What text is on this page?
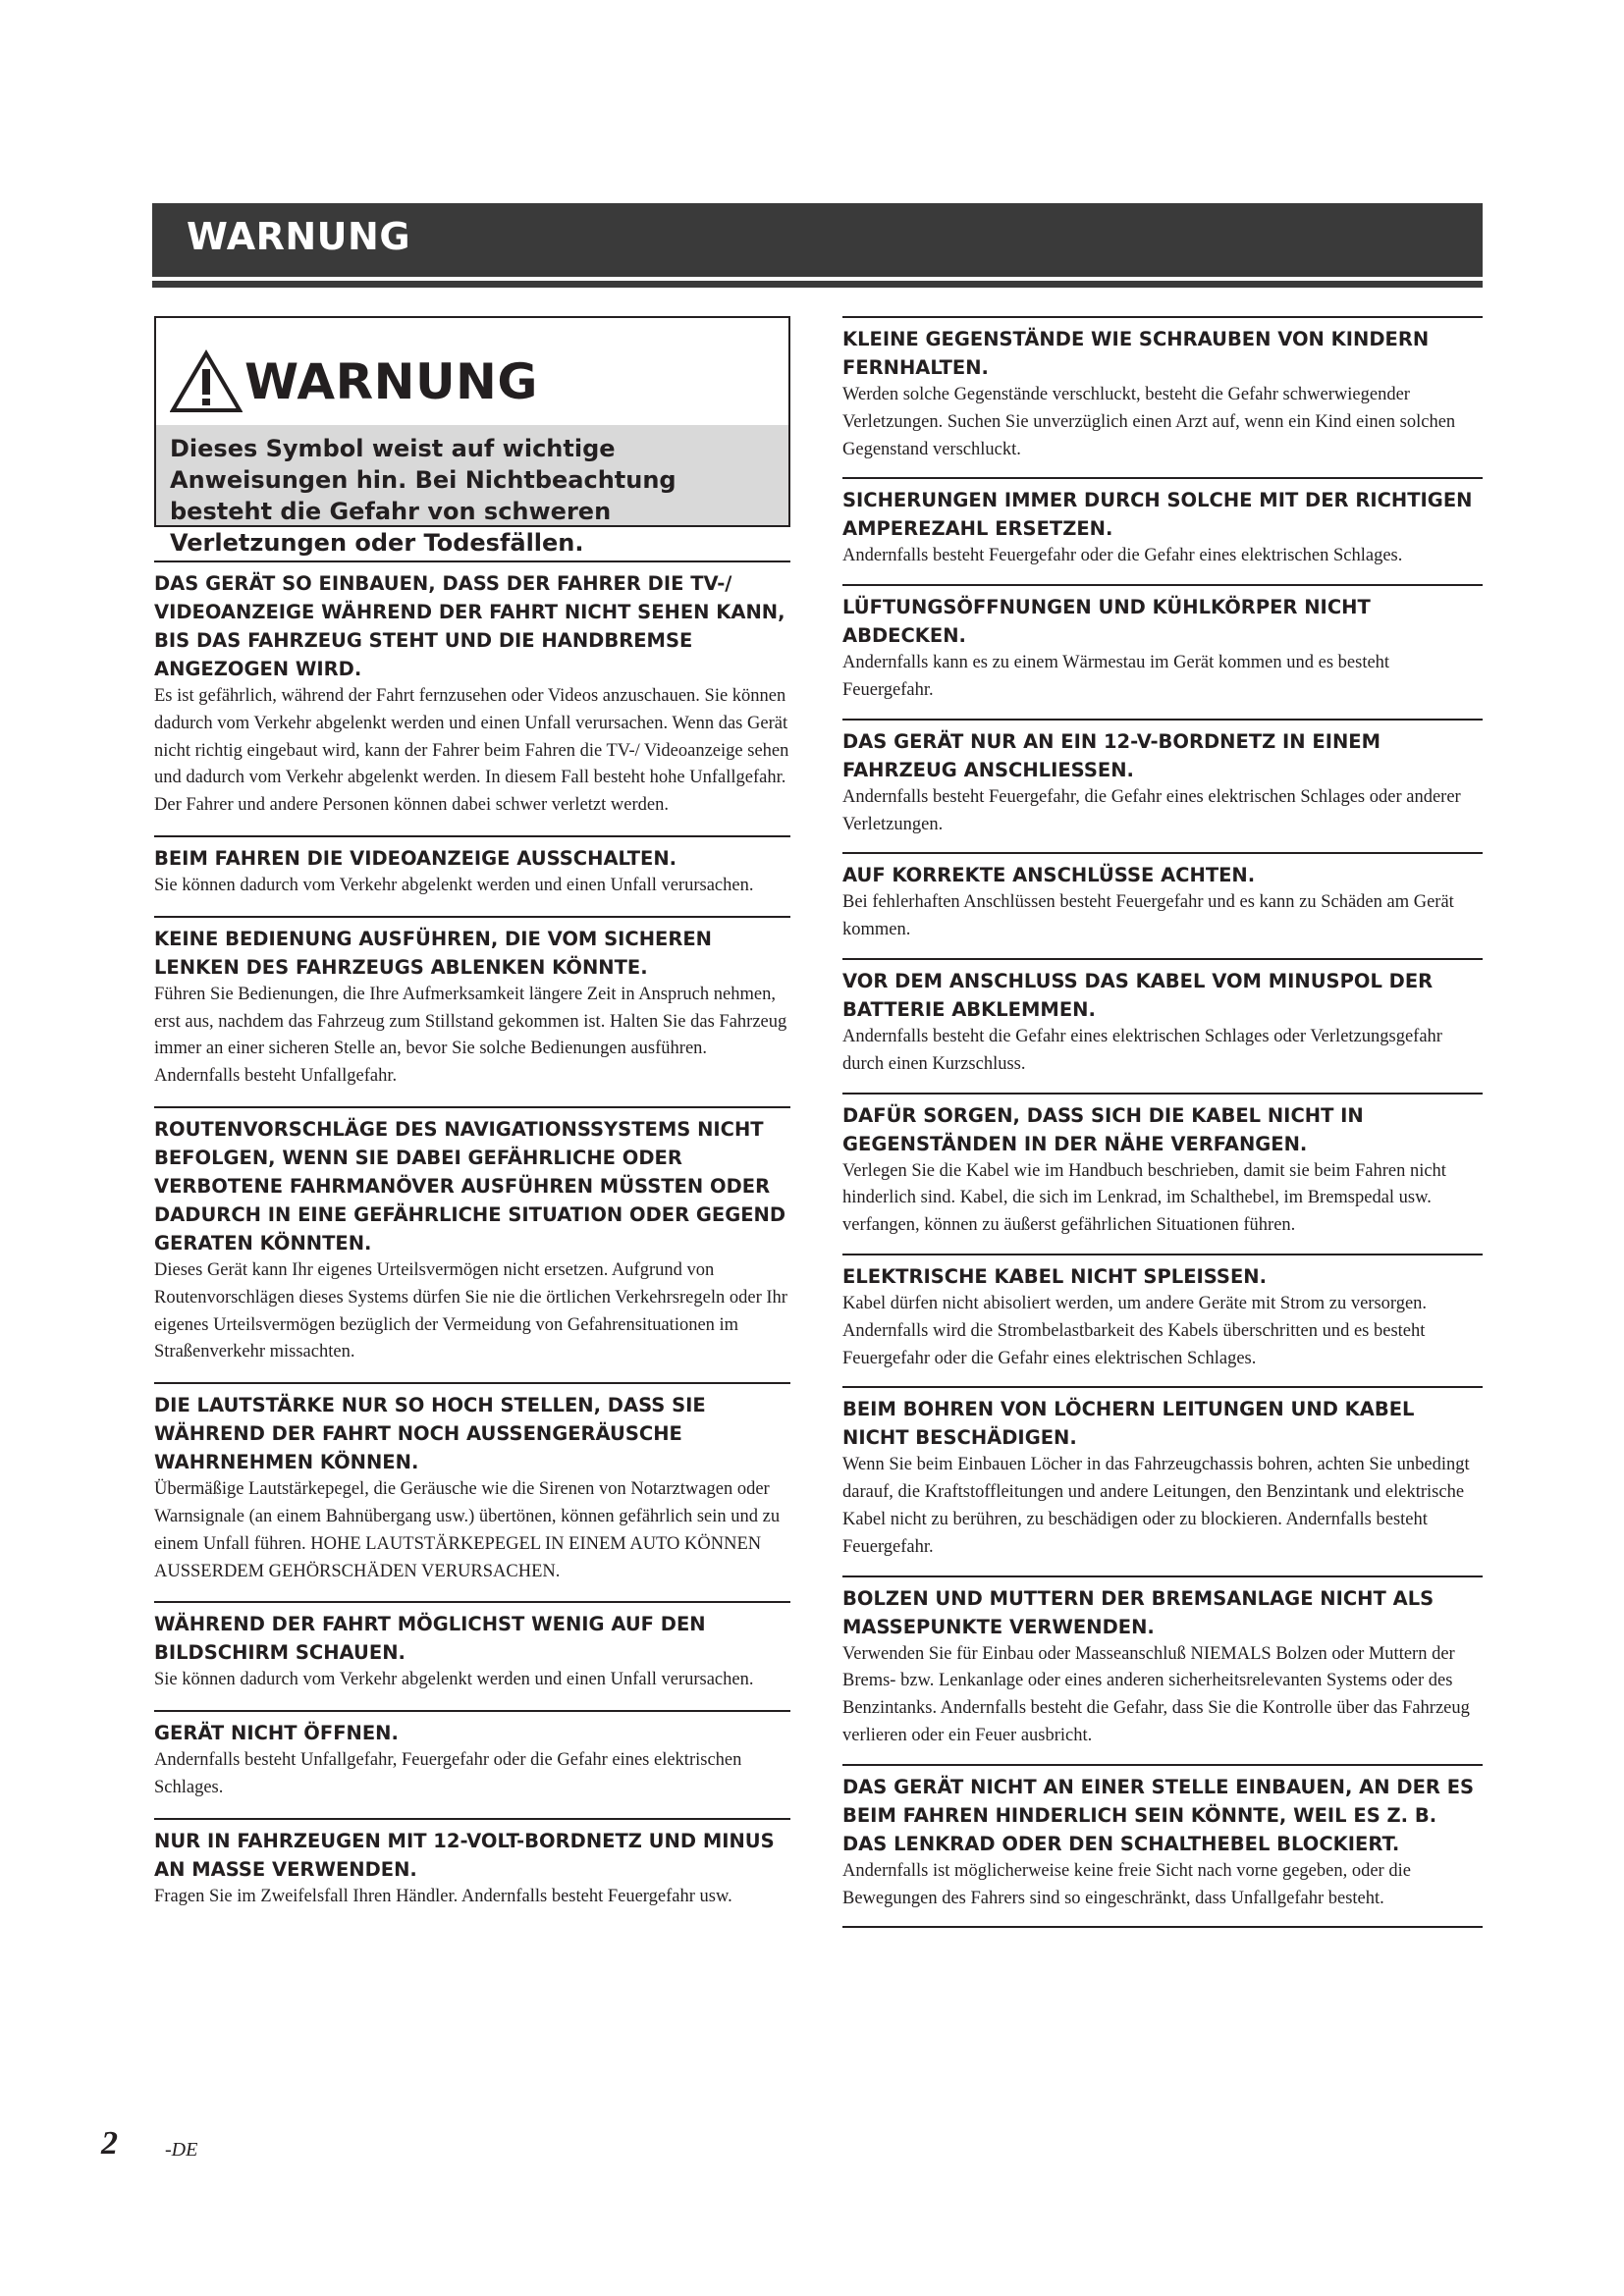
WARNUNG
WARNUNG
Dieses Symbol weist auf wichtige Anweisungen hin. Bei Nichtbeachtung besteht die Gefahr von schweren Verletzungen oder Todesfällen.

DAS GERÄT SO EINBAUEN, DASS DER FAHRER DIE TV-/ VIDEOANZEIGE WÄHREND DER FAHRT NICHT SEHEN KANN, BIS DAS FAHRZEUG STEHT UND DIE HANDBREMSE ANGEZOGEN WIRD.

Es ist gefährlich, während der Fahrt fernzusehen oder Videos anzuschauen. Sie können dadurch vom Verkehr abgelenkt werden und einen Unfall verursachen. Wenn das Gerät nicht richtig eingebaut wird, kann der Fahrer beim Fahren die TV-/ Videoanzeige sehen und dadurch vom Verkehr abgelenkt werden. In diesem Fall besteht hohe Unfallgefahr. Der Fahrer und andere Personen können dabei schwer verletzt werden.

BEIM FAHREN DIE VIDEOANZEIGE AUSSCHALTEN.

Sie können dadurch vom Verkehr abgelenkt werden und einen Unfall verursachen.

KEINE BEDIENUNG AUSFÜHREN, DIE VOM SICHEREN LENKEN DES FAHRZEUGS ABLENKEN KÖNNTE.

Führen Sie Bedienungen, die Ihre Aufmerksamkeit längere Zeit in Anspruch nehmen, erst aus, nachdem das Fahrzeug zum Stillstand gekommen ist. Halten Sie das Fahrzeug immer an einer sicheren Stelle an, bevor Sie solche Bedienungen ausführen. Andernfalls besteht Unfallgefahr.

ROUTENVORSCHLÄGE DES NAVIGATIONSSYSTEMS NICHT BEFOLGEN, WENN SIE DABEI GEFÄHRLICHE ODER VERBOTENE FAHRMANÖVER AUSFÜHREN MÜSSTEN ODER DADURCH IN EINE GEFÄHRLICHE SITUATION ODER GEGEND GERATEN KÖNNTEN.

Dieses Gerät kann Ihr eigenes Urteilsvermögen nicht ersetzen. Aufgrund von Routenvorschlägen dieses Systems dürfen Sie nie die örtlichen Verkehrsregeln oder Ihr eigenes Urteilsvermögen bezüglich der Vermeidung von Gefahrensituationen im Straßenverkehr missachten.

DIE LAUTSTÄRKE NUR SO HOCH STELLEN, DASS SIE WÄHREND DER FAHRT NOCH AUSSENGERÄUSCHE WAHRNEHMEN KÖNNEN.

Übermäßige Lautstärkepegel, die Geräusche wie die Sirenen von Notarztwagen oder Warnsignale (an einem Bahnübergang usw.) übertönen, können gefährlich sein und zu einem Unfall führen. HOHE LAUTSTÄRKEPEGEL IN EINEM AUTO KÖNNEN AUSSERDEM GEHÖRSCHÄDEN VERURSACHEN.

WÄHREND DER FAHRT MÖGLICHST WENIG AUF DEN BILDSCHIRM SCHAUEN.

Sie können dadurch vom Verkehr abgelenkt werden und einen Unfall verursachen.

GERÄT NICHT ÖFFNEN.

Andernfalls besteht Unfallgefahr, Feuergefahr oder die Gefahr eines elektrischen Schlages.

NUR IN FAHRZEUGEN MIT 12-VOLT-BORDNETZ UND MINUS AN MASSE VERWENDEN.

Fragen Sie im Zweifelsfall Ihren Händler. Andernfalls besteht Feuergefahr usw.

KLEINE GEGENSTÄNDE WIE SCHRAUBEN VON KINDERN FERNHALTEN.

Werden solche Gegenstände verschluckt, besteht die Gefahr schwerwiegender Verletzungen. Suchen Sie unverzüglich einen Arzt auf, wenn ein Kind einen solchen Gegenstand verschluckt.

SICHERUNGEN IMMER DURCH SOLCHE MIT DER RICHTIGEN AMPEREZAHL ERSETZEN.

Andernfalls besteht Feuergefahr oder die Gefahr eines elektrischen Schlages.

LÜFTUNGSÖFFNUNGEN UND KÜHLKÖRPER NICHT ABDECKEN.

Andernfalls kann es zu einem Wärmestau im Gerät kommen und es besteht Feuergefahr.

DAS GERÄT NUR AN EIN 12-V-BORDNETZ IN EINEM FAHRZEUG ANSCHLIESSEN.

Andernfalls besteht Feuergefahr, die Gefahr eines elektrischen Schlages oder anderer Verletzungen.

AUF KORREKTE ANSCHLÜSSE ACHTEN.

Bei fehlerhaften Anschlüssen besteht Feuergefahr und es kann zu Schäden am Gerät kommen.

VOR DEM ANSCHLUSS DAS KABEL VOM MINUSPOL DER BATTERIE ABKLEMMEN.

Andernfalls besteht die Gefahr eines elektrischen Schlages oder Verletzungsgefahr durch einen Kurzschluss.

DAFÜR SORGEN, DASS SICH DIE KABEL NICHT IN GEGENSTÄNDEN IN DER NÄHE VERFANGEN.

Verlegen Sie die Kabel wie im Handbuch beschrieben, damit sie beim Fahren nicht hinderlich sind. Kabel, die sich im Lenkrad, im Schalthebel, im Bremspedal usw. verfangen, können zu äußerst gefährlichen Situationen führen.

ELEKTRISCHE KABEL NICHT SPLEISSEN.

Kabel dürfen nicht abisoliert werden, um andere Geräte mit Strom zu versorgen. Andernfalls wird die Strombelastbarkeit des Kabels überschritten und es besteht Feuergefahr oder die Gefahr eines elektrischen Schlages.

BEIM BOHREN VON LÖCHERN LEITUNGEN UND KABEL NICHT BESCHÄDIGEN.

Wenn Sie beim Einbauen Löcher in das Fahrzeugchassis bohren, achten Sie unbedingt darauf, die Kraftstoffleitungen und andere Leitungen, den Benzintank und elektrische Kabel nicht zu berühren, zu beschädigen oder zu blockieren. Andernfalls besteht Feuergefahr.

BOLZEN UND MUTTERN DER BREMSANLAGE NICHT ALS MASSEPUNKTE VERWENDEN.

Verwenden Sie für Einbau oder Masseanschluß NIEMALS Bolzen oder Muttern der Brems- bzw. Lenkanlage oder eines anderen sicherheitsrelevanten Systems oder des Benzintanks. Andernfalls besteht die Gefahr, dass Sie die Kontrolle über das Fahrzeug verlieren oder ein Feuer ausbricht.

DAS GERÄT NICHT AN EINER STELLE EINBAUEN, AN DER ES BEIM FAHREN HINDERLICH SEIN KÖNNTE, WEIL ES Z. B. DAS LENKRAD ODER DEN SCHALTHEBEL BLOCKIERT.

Andernfalls ist möglicherweise keine freie Sicht nach vorne gegeben, oder die Bewegungen des Fahrers sind so eingeschränkt, dass Unfallgefahr besteht.

2 -DE
